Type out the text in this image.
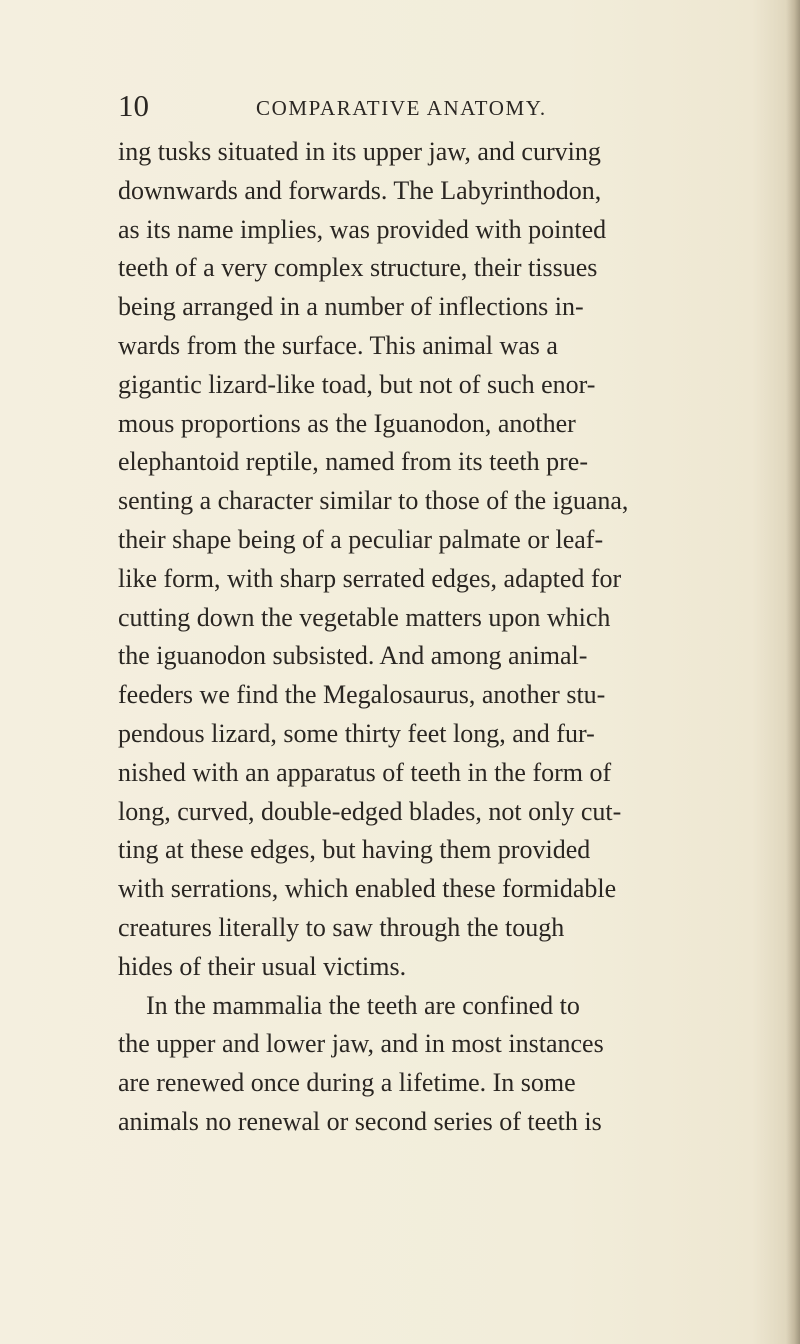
10	COMPARATIVE ANATOMY.
ing tusks situated in its upper jaw, and curving
downwards and forwards. The Labyrinthodon,
as its name implies, was provided with pointed
teeth of a very complex structure, their tissues
being arranged in a number of inflections in-
wards from the surface. This animal was a
gigantic lizard-like toad, but not of such enor-
mous proportions as the Iguanodon, another
elephantoid reptile, named from its teeth pre-
senting a character similar to those of the iguana,
their shape being of a peculiar palmate or leaf-
like form, with sharp serrated edges, adapted for
cutting down the vegetable matters upon which
the iguanodon subsisted. And among animal-
feeders we find the Megalosaurus, another stu-
pendous lizard, some thirty feet long, and fur-
nished with an apparatus of teeth in the form of
long, curved, double-edged blades, not only cut-
ting at these edges, but having them provided
with serrations, which enabled these formidable
creatures literally to saw through the tough
hides of their usual victims.
In the mammalia the teeth are confined to
the upper and lower jaw, and in most instances
are renewed once during a lifetime. In some
animals no renewal or second series of teeth is
